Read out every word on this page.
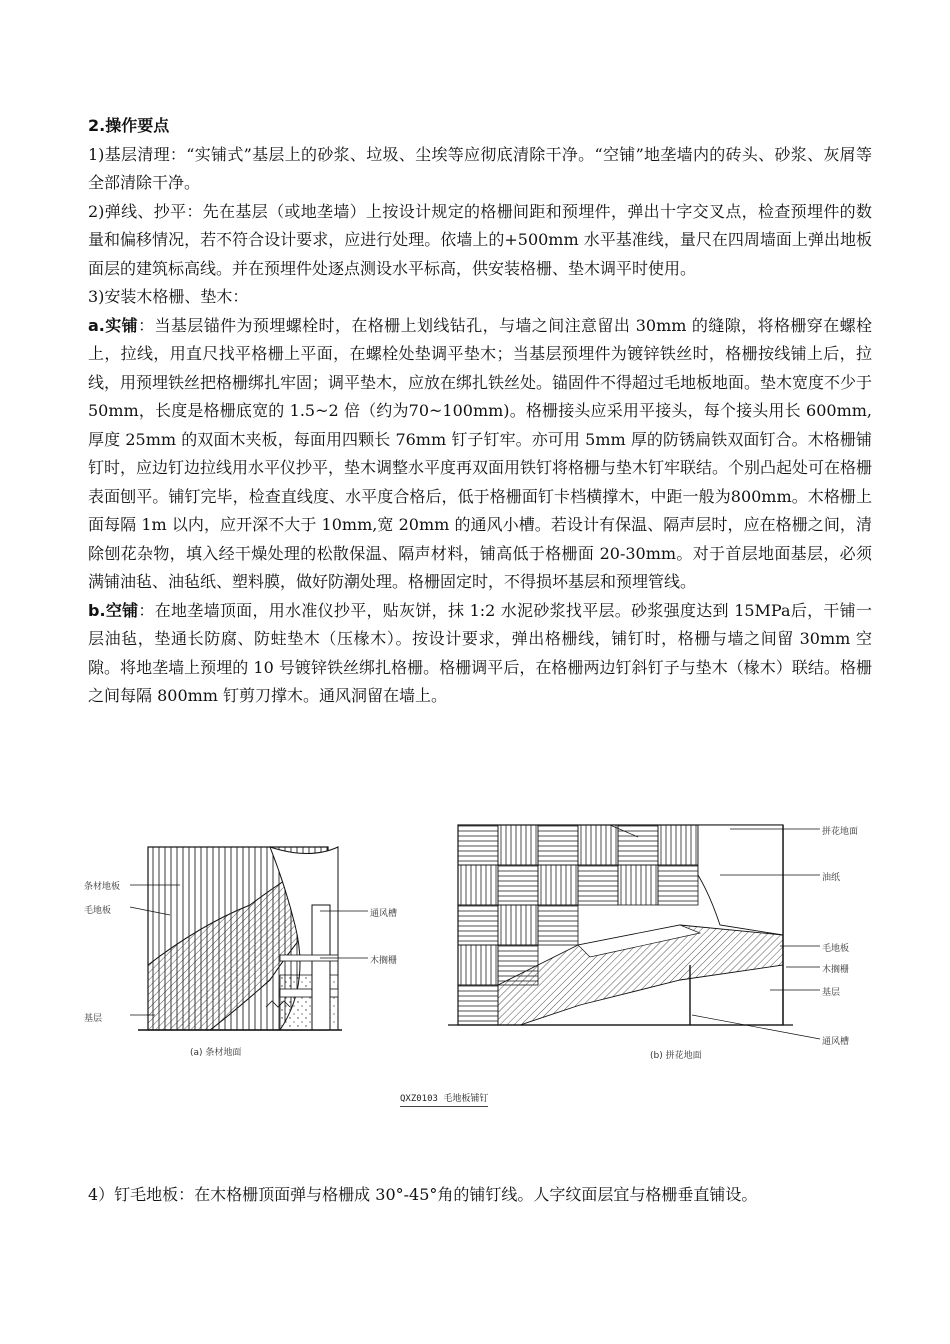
2.操作要点

1)基层清理：“实铺式”基层上的砂浆、垃圾、尘埃等应彻底清除干净。“空铺”地垄墙内的砖头、砂浆、灰屑等全部清除干净。

2)弹线、抄平：先在基层（或地垄墙）上按设计规定的格栅间距和预埋件，弹出十字交叉点，检查预埋件的数量和偏移情况，若不符合设计要求，应进行处理。依墙上的+500mm 水平基准线，量尺在四周墙面上弹出地板面层的建筑标高线。并在预埋件处逐点测设水平标高，供安装格栅、垫木调平时使用。

3)安装木格栅、垫木：

a.实铺：当基层锚件为预埋螺栓时，在格栅上划线钻孔，与墙之间注意留出 30mm 的缝隙，将格栅穿在螺栓上，拉线，用直尺找平格栅上平面，在螺栓处垫调平垫木；当基层预埋件为镀锌铁丝时，格栅按线铺上后，拉线，用预埋铁丝把格栅绑扎牢固；调平垫木，应放在绑扎铁丝处。锚固件不得超过毛地板地面。垫木宽度不少于 50mm，长度是格栅底宽的 1.5~2 倍（约为70~100mm)。格栅接头应采用平接头，每个接头用长 600mm,厚度 25mm 的双面木夹板，每面用四颗长 76mm 钉子钉牢。亦可用 5mm 厚的防锈扁铁双面钉合。木格栅铺钉时，应边钉边拉线用水平仪抄平，垫木调整水平度再双面用铁钉将格栅与垫木钉牢联结。个别凸起处可在格栅表面刨平。铺钉完毕，检查直线度、水平度合格后，低于格栅面钉卡档横撑木，中距一般为800mm。木格栅上面每隔 1m 以内，应开深不大于 10mm,宽 20mm 的通风小槽。若设计有保温、隔声层时，应在格栅之间，清除刨花杂物，填入经干燥处理的松散保温、隔声材料，铺高低于格栅面 20-30mm。对于首层地面基层，必须满铺油毡、油毡纸、塑料膜，做好防潮处理。格栅固定时，不得损坏基层和预埋管线。

b.空铺：在地垄墙顶面，用水准仪抄平，贴灰饼，抹 1:2 水泥砂浆找平层。砂浆强度达到 15MPa后，干铺一层油毡，垫通长防腐、防蛀垫木（压椽木）。按设计要求，弹出格栅线，铺钉时，格栅与墙之间留 30mm 空隙。将地垄墙上预埋的 10 号镀锌铁丝绑扎格栅。格栅调平后，在格栅两边钉斜钉子与垫木（椽木）联结。格栅之间每隔 800mm 钉剪刀撑木。通风洞留在墙上。

条材地板
毛地板
基层
通风槽
木搁栅
(a) 条材地面
拼花地面
油纸
毛地板
木搁栅
基层
通风槽
(b) 拼花地面
QXZ0103 毛地板铺钉

4）钉毛地板：在木格栅顶面弹与格栅成 30°-45°角的铺钉线。人字纹面层宜与格栅垂直铺设。
